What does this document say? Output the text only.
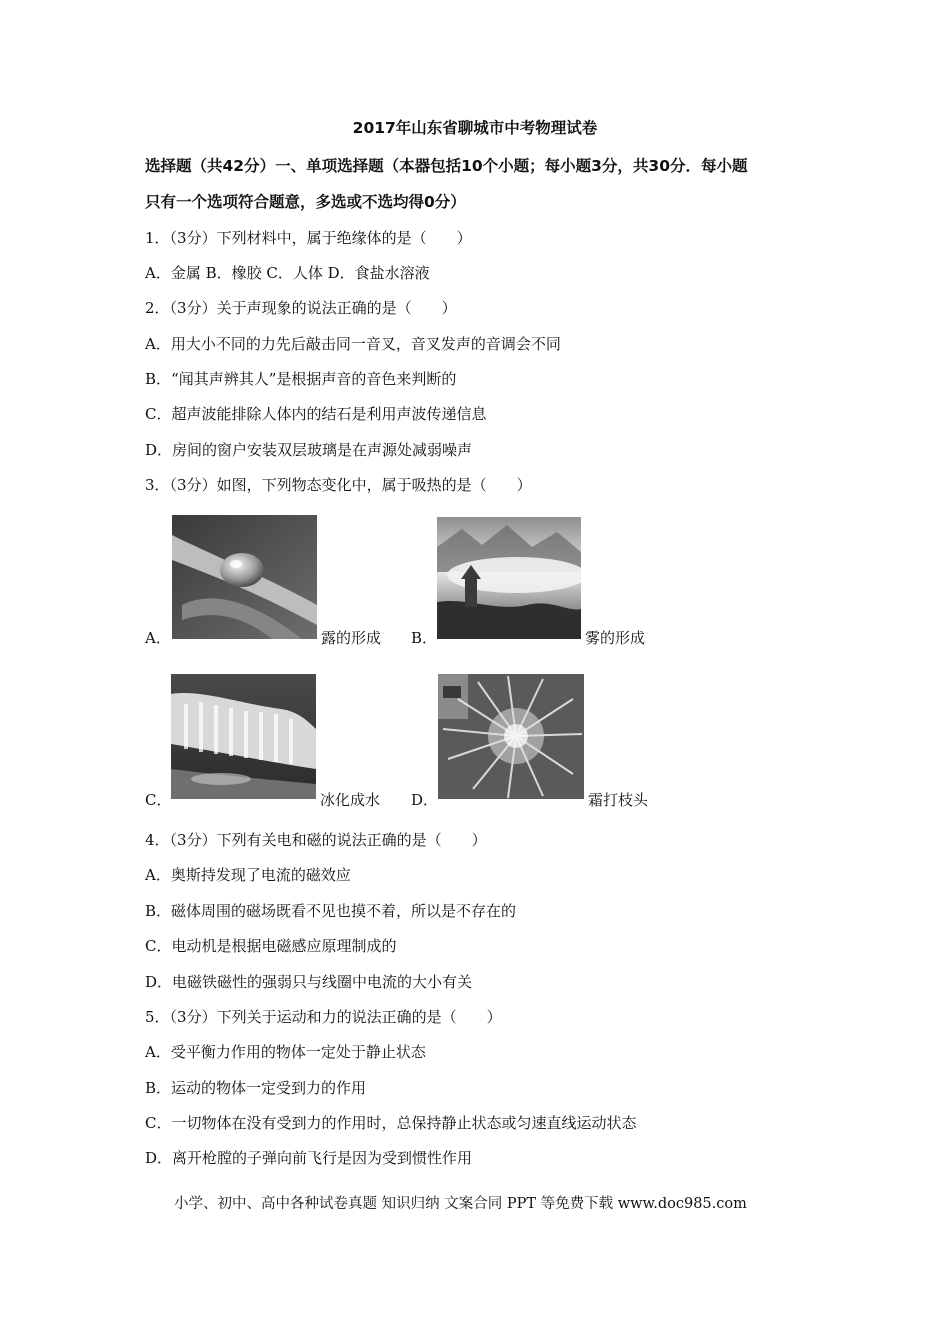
2017年山东省聊城市中考物理试卷
选择题（共42分）一、单项选择题（本器包括10个小题；每小题3分，共30分．每小题
只有一个选项符合题意，多选或不选均得0分）
1．（3分）下列材料中，属于绝缘体的是（　　）
A．金属 B．橡胶 C．人体 D．食盐水溶液
2．（3分）关于声现象的说法正确的是（　　）
A．用大小不同的力先后敲击同一音叉，音叉发声的音调会不同
B．“闻其声辨其人”是根据声音的音色来判断的
C．超声波能排除人体内的结石是利用声波传递信息
D．房间的窗户安装双层玻璃是在声源处减弱噪声
3．（3分）如图，下列物态变化中，属于吸热的是（　　）
A．	露的形成 B．	雾的形成
C．	冰化成水 D．	霜打枝头
4．（3分）下列有关电和磁的说法正确的是（　　）
A．奥斯持发现了电流的磁效应
B．磁体周围的磁场既看不见也摸不着，所以是不存在的
C．电动机是根据电磁感应原理制成的
D．电磁铁磁性的强弱只与线圈中电流的大小有关
5．（3分）下列关于运动和力的说法正确的是（　　）
A．受平衡力作用的物体一定处于静止状态
B．运动的物体一定受到力的作用
C．一切物体在没有受到力的作用时，总保持静止状态或匀速直线运动状态
D．离开枪膛的子弹向前飞行是因为受到惯性作用
小学、初中、高中各种试卷真题 知识归纳 文案合同 PPT 等免费下载 www.doc985.com
